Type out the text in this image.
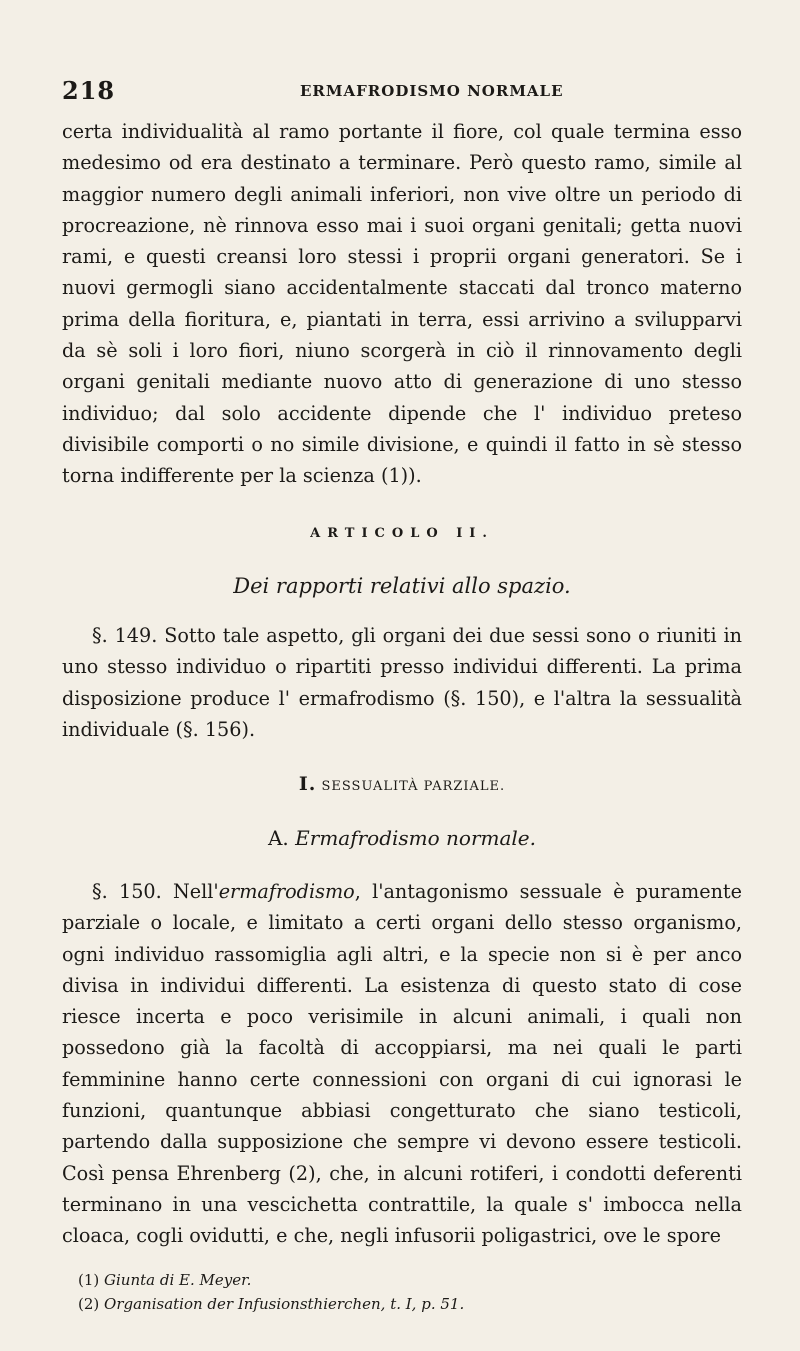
218	ERMAFRODISMO NORMALE

certa individualità al ramo portante il fiore, col quale termina esso medesimo od era destinato a terminare. Però questo ramo, simile al maggior numero degli animali inferiori, non vive oltre un periodo di procreazione, nè rinnova esso mai i suoi organi genitali; getta nuovi rami, e questi creansi loro stessi i proprii organi generatori. Se i nuovi germogli siano accidentalmente staccati dal tronco materno prima della fioritura, e, piantati in terra, essi arrivino a svilupparvi da sè soli i loro fiori, niuno scorgerà in ciò il rinnovamento degli organi genitali mediante nuovo atto di generazione di uno stesso individuo; dal solo accidente dipende che l' individuo preteso divisibile comporti o no simile divisione, e quindi il fatto in sè stesso torna indifferente per la scienza (1)).

ARTICOLO II.

Dei rapporti relativi allo spazio.

§. 149. Sotto tale aspetto, gli organi dei due sessi sono o riuniti in uno stesso individuo o ripartiti presso individui differenti. La prima disposizione produce l' ermafrodismo (§. 150), e l'altra la sessualità individuale (§. 156).

I. SESSUALITÀ PARZIALE.

A. Ermafrodismo normale.

§. 150. Nell'ermafrodismo, l'antagonismo sessuale è puramente parziale o locale, e limitato a certi organi dello stesso organismo, ogni individuo rassomiglia agli altri, e la specie non si è per anco divisa in individui differenti. La esistenza di questo stato di cose riesce incerta e poco verisimile in alcuni animali, i quali non possedono già la facoltà di accoppiarsi, ma nei quali le parti femminine hanno certe connessioni con organi di cui ignorasi le funzioni, quantunque abbiasi congetturato che siano testicoli, partendo dalla supposizione che sempre vi devono essere testicoli. Così pensa Ehrenberg (2), che, in alcuni rotiferi, i condotti deferenti terminano in una vescichetta contrattile, la quale s' imbocca nella cloaca, cogli ovidutti, e che, negli infusorii poligastrici, ove le spore

(1) Giunta di E. Meyer.

(2) Organisation der Infusionsthierchen, t. I, p. 51.
